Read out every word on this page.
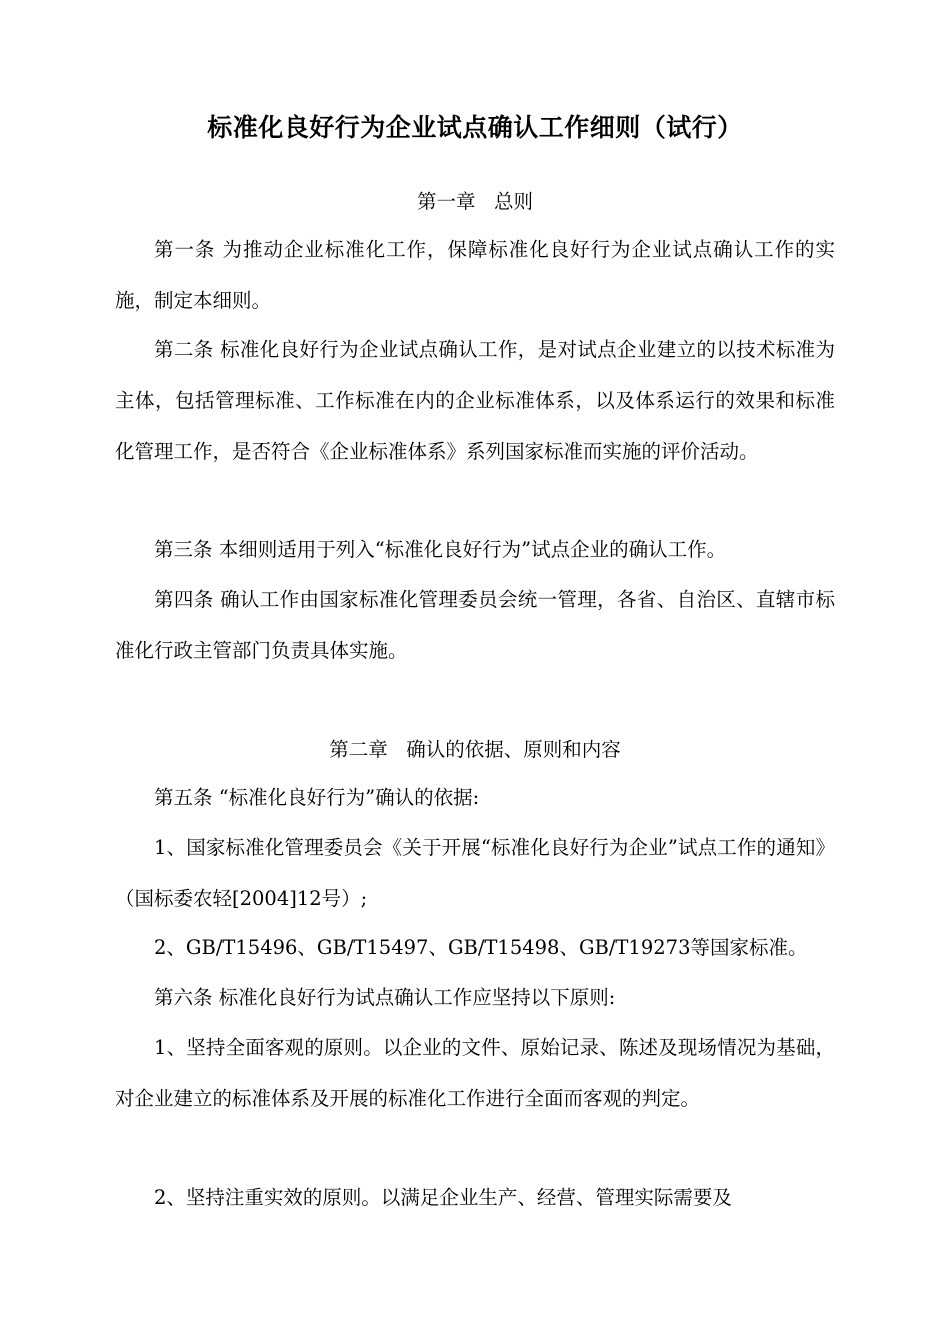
标准化良好行为企业试点确认工作细则（试行）
第一章   总则

第一条 为推动企业标准化工作，保障标准化良好行为企业试点确认工作的实施，制定本细则。

第二条 标准化良好行为企业试点确认工作，是对试点企业建立的以技术标准为主体，包括管理标准、工作标准在内的企业标准体系，以及体系运行的效果和标准化管理工作，是否符合《企业标准体系》系列国家标准而实施的评价活动。

第三条 本细则适用于列入“标准化良好行为”试点企业的确认工作。

第四条 确认工作由国家标准化管理委员会统一管理，各省、自治区、直辖市标准化行政主管部门负责具体实施。

第二章   确认的依据、原则和内容

第五条 “标准化良好行为”确认的依据:

1、国家标准化管理委员会《关于开展“标准化良好行为企业”试点工作的通知》（国标委农轻[2004]12号）;

2、GB/T15496、GB/T15497、GB/T15498、GB/T19273等国家标准。

第六条 标准化良好行为试点确认工作应坚持以下原则:

1、坚持全面客观的原则。以企业的文件、原始记录、陈述及现场情况为基础，对企业建立的标准体系及开展的标准化工作进行全面而客观的判定。

2、坚持注重实效的原则。以满足企业生产、经营、管理实际需要及
